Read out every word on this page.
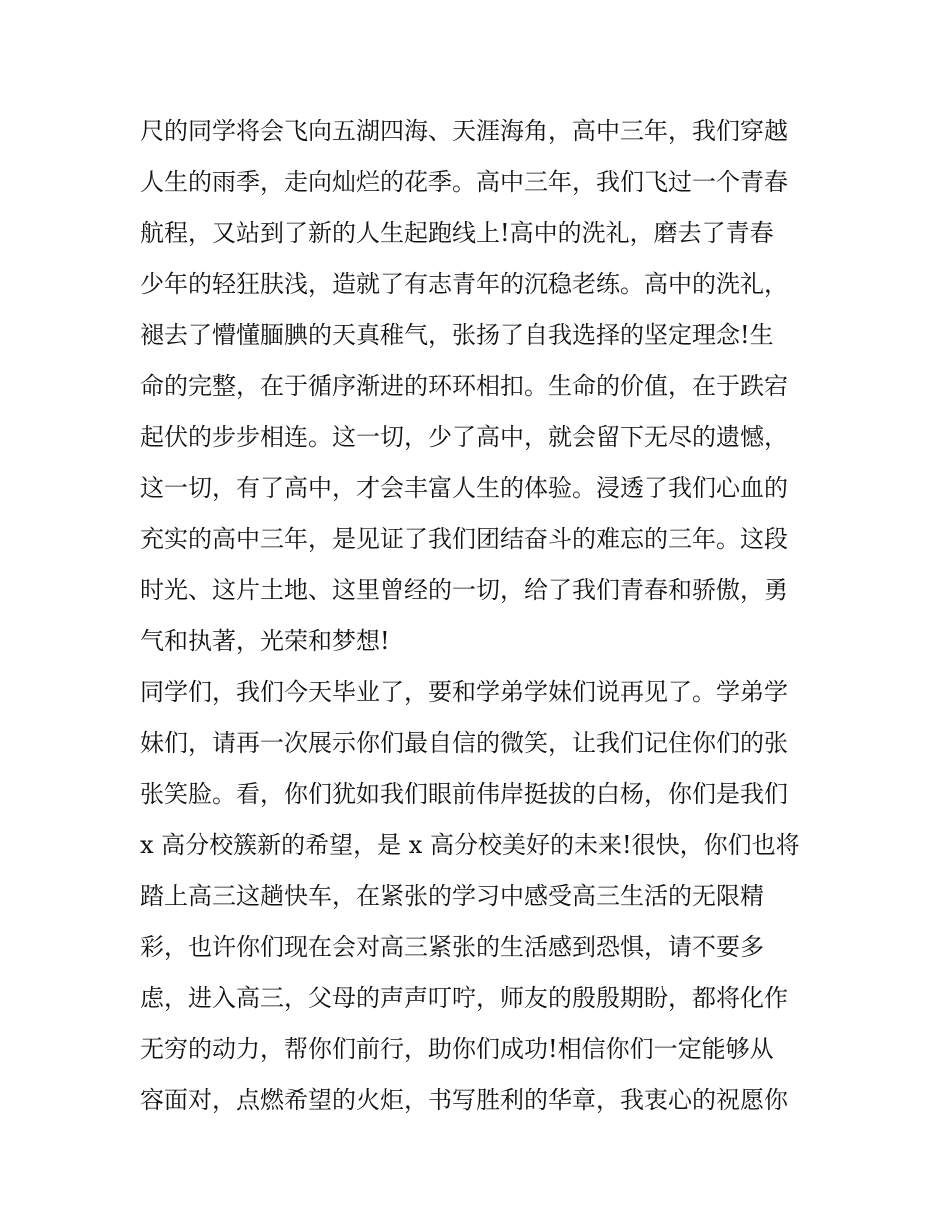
尺的同学将会飞向五湖四海、天涯海角，高中三年，我们穿越
人生的雨季，走向灿烂的花季。高中三年，我们飞过一个青春
航程，又站到了新的人生起跑线上!高中的洗礼，磨去了青春
少年的轻狂肤浅，造就了有志青年的沉稳老练。高中的洗礼，
褪去了懵懂腼腆的天真稚气，张扬了自我选择的坚定理念!生
命的完整，在于循序渐进的环环相扣。生命的价值，在于跌宕
起伏的步步相连。这一切，少了高中，就会留下无尽的遗憾，
这一切，有了高中，才会丰富人生的体验。浸透了我们心血的
充实的高中三年，是见证了我们团结奋斗的难忘的三年。这段
时光、这片土地、这里曾经的一切，给了我们青春和骄傲，勇
气和执著，光荣和梦想!
同学们，我们今天毕业了，要和学弟学妹们说再见了。学弟学
妹们，请再一次展示你们最自信的微笑，让我们记住你们的张
张笑脸。看，你们犹如我们眼前伟岸挺拔的白杨，你们是我们
x 高分校簇新的希望，是 x 高分校美好的未来!很快，你们也将
踏上高三这趟快车，在紧张的学习中感受高三生活的无限精
彩，也许你们现在会对高三紧张的生活感到恐惧，请不要多
虑，进入高三，父母的声声叮咛，师友的殷殷期盼，都将化作
无穷的动力，帮你们前行，助你们成功!相信你们一定能够从
容面对，点燃希望的火炬，书写胜利的华章，我衷心的祝愿你
